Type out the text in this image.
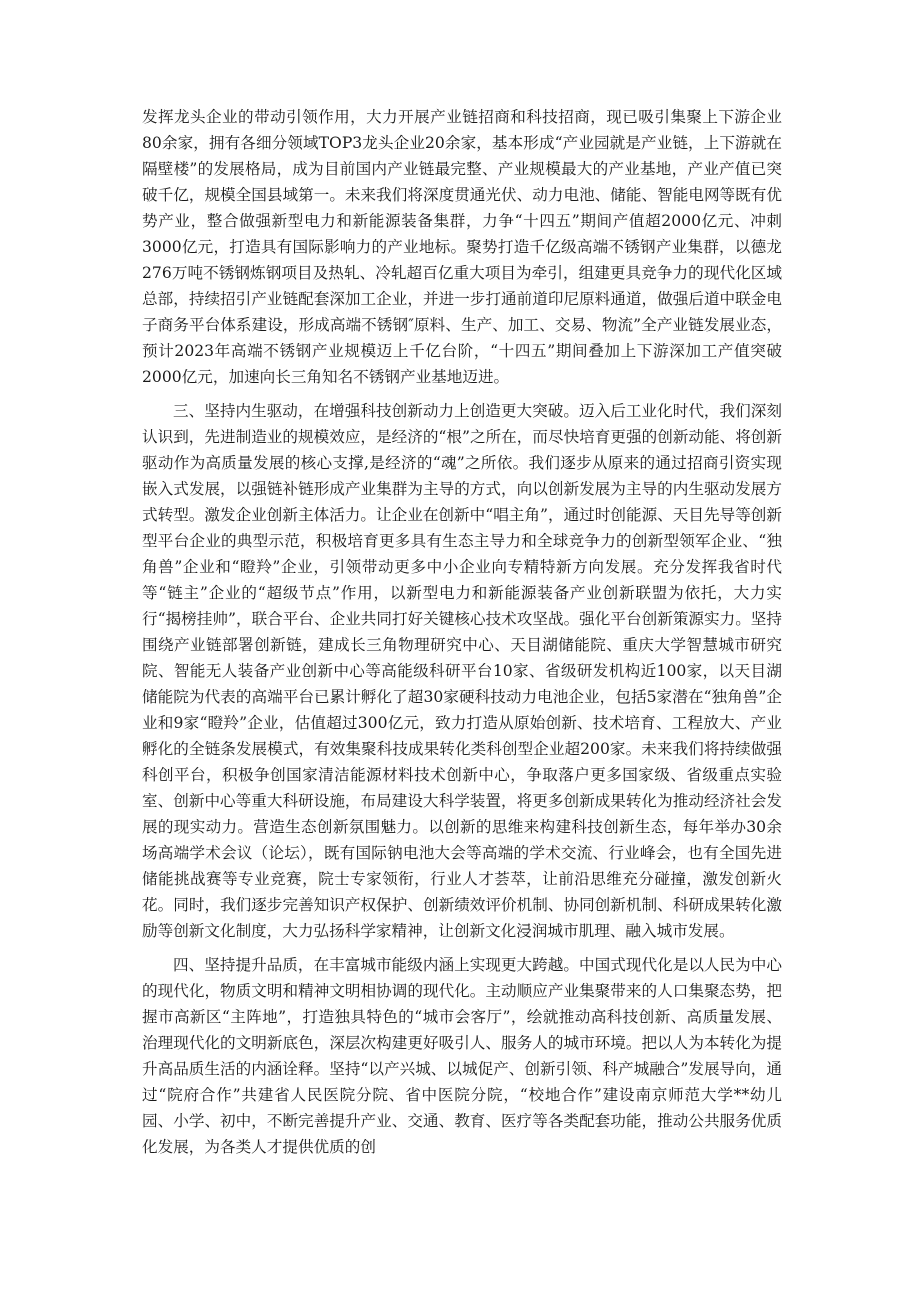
发挥龙头企业的带动引领作用，大力开展产业链招商和科技招商，现已吸引集聚上下游企业80余家，拥有各细分领域TOP3龙头企业20余家，基本形成“产业园就是产业链，上下游就在隔壁楼”的发展格局，成为目前国内产业链最完整、产业规模最大的产业基地，产业产值已突破千亿，规模全国县域第一。未来我们将深度贯通光伏、动力电池、储能、智能电网等既有优势产业，整合做强新型电力和新能源装备集群，力争“十四五”期间产值超2000亿元、冲刺3000亿元，打造具有国际影响力的产业地标。聚势打造千亿级高端不锈钢产业集群，以德龙276万吨不锈钢炼钢项目及热轧、冷轧超百亿重大项目为牵引，组建更具竞争力的现代化区域总部，持续招引产业链配套深加工企业，并进一步打通前道印尼原料通道，做强后道中联金电子商务平台体系建设，形成高端不锈钢″原料、生产、加工、交易、物流”全产业链发展业态，预计2023年高端不锈钢产业规模迈上千亿台阶，“十四五”期间叠加上下游深加工产值突破2000亿元，加速向长三角知名不锈钢产业基地迈进。

三、坚持内生驱动，在增强科技创新动力上创造更大突破。迈入后工业化时代，我们深刻认识到，先进制造业的规模效应，是经济的“根”之所在，而尽快培育更强的创新动能、将创新驱动作为高质量发展的核心支撑,是经济的“魂”之所依。我们逐步从原来的通过招商引资实现嵌入式发展，以强链补链形成产业集群为主导的方式，向以创新发展为主导的内生驱动发展方式转型。激发企业创新主体活力。让企业在创新中“唱主角”，通过时创能源、天目先导等创新型平台企业的典型示范，积极培育更多具有生态主导力和全球竞争力的创新型领军企业、“独角兽”企业和“瞪羚”企业，引领带动更多中小企业向专精特新方向发展。充分发挥我省时代等“链主”企业的“超级节点”作用，以新型电力和新能源装备产业创新联盟为依托，大力实行“揭榜挂帅”，联合平台、企业共同打好关键核心技术攻坚战。强化平台创新策源实力。坚持围绕产业链部署创新链，建成长三角物理研究中心、天目湖储能院、重庆大学智慧城市研究院、智能无人装备产业创新中心等高能级科研平台10家、省级研发机构近100家，以天目湖储能院为代表的高端平台已累计孵化了超30家硬科技动力电池企业，包括5家潜在“独角兽”企业和9家“瞪羚”企业，估值超过300亿元，致力打造从原始创新、技术培育、工程放大、产业孵化的全链条发展模式，有效集聚科技成果转化类科创型企业超200家。未来我们将持续做强科创平台，积极争创国家清洁能源材料技术创新中心，争取落户更多国家级、省级重点实验室、创新中心等重大科研设施，布局建设大科学装置，将更多创新成果转化为推动经济社会发展的现实动力。营造生态创新氛围魅力。以创新的思维来构建科技创新生态，每年举办30余场高端学术会议（论坛），既有国际钠电池大会等高端的学术交流、行业峰会，也有全国先进储能挑战赛等专业竞赛，院士专家领衔，行业人才荟萃，让前沿思维充分碰撞，激发创新火花。同时，我们逐步完善知识产权保护、创新绩效评价机制、协同创新机制、科研成果转化激励等创新文化制度，大力弘扬科学家精神，让创新文化浸润城市肌理、融入城市发展。

四、坚持提升品质，在丰富城市能级内涵上实现更大跨越。中国式现代化是以人民为中心的现代化，物质文明和精神文明相协调的现代化。主动顺应产业集聚带来的人口集聚态势，把握市高新区“主阵地”，打造独具特色的“城市会客厅”，绘就推动高科技创新、高质量发展、治理现代化的文明新底色，深层次构建更好吸引人、服务人的城市环境。把以人为本转化为提升高品质生活的内涵诠释。坚持“以产兴城、以城促产、创新引领、科产城融合”发展导向，通过“院府合作”共建省人民医院分院、省中医院分院，“校地合作”建设南京师范大学**幼儿园、小学、初中，不断完善提升产业、交通、教育、医疗等各类配套功能，推动公共服务优质化发展，为各类人才提供优质的创
